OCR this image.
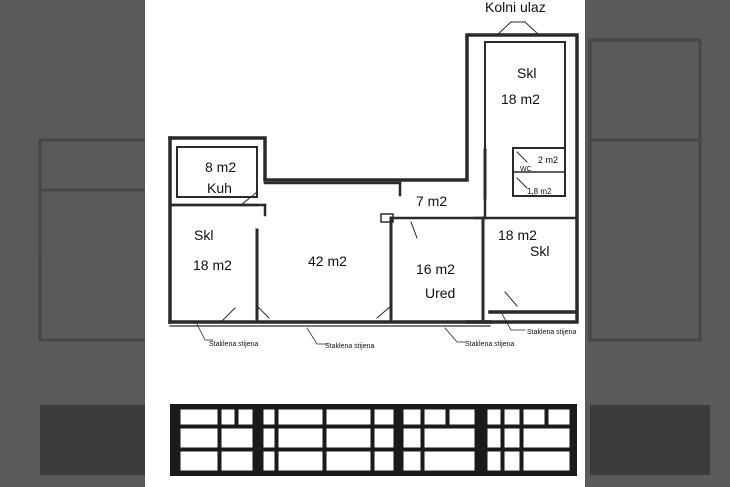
Kolni ulaz
Skl
18 m2
8 m2
Kuh
2 m2
WC
1,8 m2
7 m2
Skl
18 m2	42 m2	16 m2
Ured
18 m2
Skl
Staklena stijena	Staklena stijena	Staklena stijena
Staklena stijena
